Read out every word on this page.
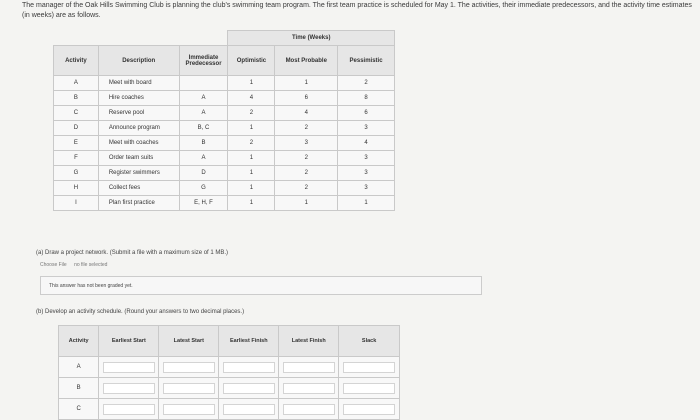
The manager of the Oak Hills Swimming Club is planning the club's swimming team program. The first team practice is scheduled for May 1. The activities, their immediate predecessors, and the activity time estimates (in weeks) are as follows.
			Time (Weeks)		
Activity	Description	Immediate Predecessor	Optimistic	Most Probable	Pessimistic
A	Meet with board		1	1	2
B	Hire coaches	A	4	6	8
C	Reserve pool	A	2	4	6
D	Announce program	B, C	1	2	3
E	Meet with coaches	B	2	3	4
F	Order team suits	A	1	2	3
G	Register swimmers	D	1	2	3
H	Collect fees	G	1	2	3
I	Plan first practice	E, H, F	1	1	1
(a) Draw a project network. (Submit a file with a maximum size of 1 MB.)
Choose File no file selected
This answer has not been graded yet.
(b) Develop an activity schedule. (Round your answers to two decimal places.)
Activity	Earliest Start	Latest Start	Earliest Finish	Latest Finish	Slack
A					
B					
C					
